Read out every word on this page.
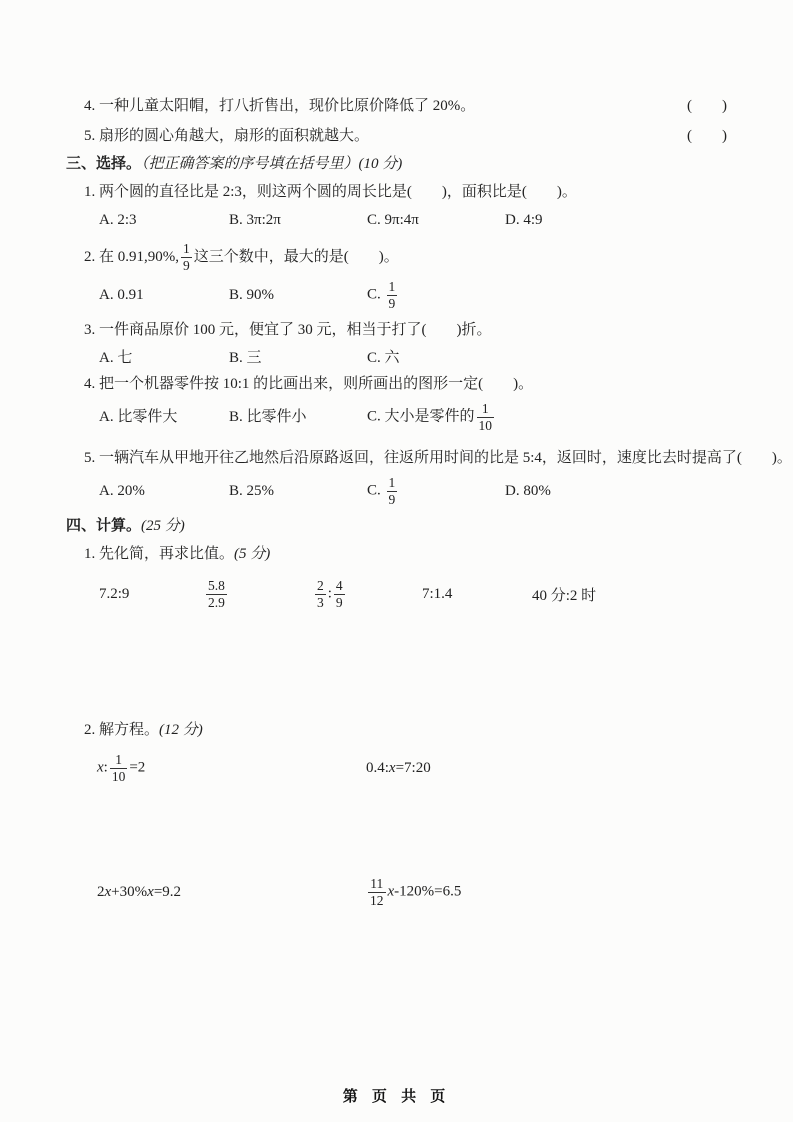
4. 一种儿童太阳帽，打八折售出，现价比原价降低了 20%。	(　　)
5. 扇形的圆心角越大，扇形的面积就越大。	(　　)
三、选择。（把正确答案的序号填在括号里）(10 分)
1. 两个圆的直径比是 2:3，则这两个圆的周长比是(　　)，面积比是(　　)。
A. 2:3	B. 3π:2π	C. 9π:4π	D. 4:9
2. 在 0.91,90%, $\frac{1}{9}$ 这三个数中，最大的是(　　)。
A. 0.91	B. 90%	C. $\frac{1}{9}$
3. 一件商品原价 100 元，便宜了 30 元，相当于打了(　　)折。
A. 七	B. 三	C. 六
4. 把一个机器零件按 10:1 的比画出来，则所画出的图形一定(　　)。
A. 比零件大	B. 比零件小	C. 大小是零件的 $\frac{1}{10}$
5. 一辆汽车从甲地开往乙地然后沿原路返回，往返所用时间的比是 5:4，返回时，速度比去时提高了(　　)。
A. 20%	B. 25%	C. $\frac{1}{9}$	D. 80%
四、计算。(25 分)
1. 先化简，再求比值。(5 分)
7.2:9	$\frac{5.8}{2.9}$	$\frac{2}{3}$ : $\frac{4}{9}$	7:1.4	40 分:2 时
2. 解方程。(12 分)
x: $\frac{1}{10} =2$	0.4:x=7:20
2x+30%x=9.2	$\frac{11}{12} x-120\%=6.5$
第 页 共 页
